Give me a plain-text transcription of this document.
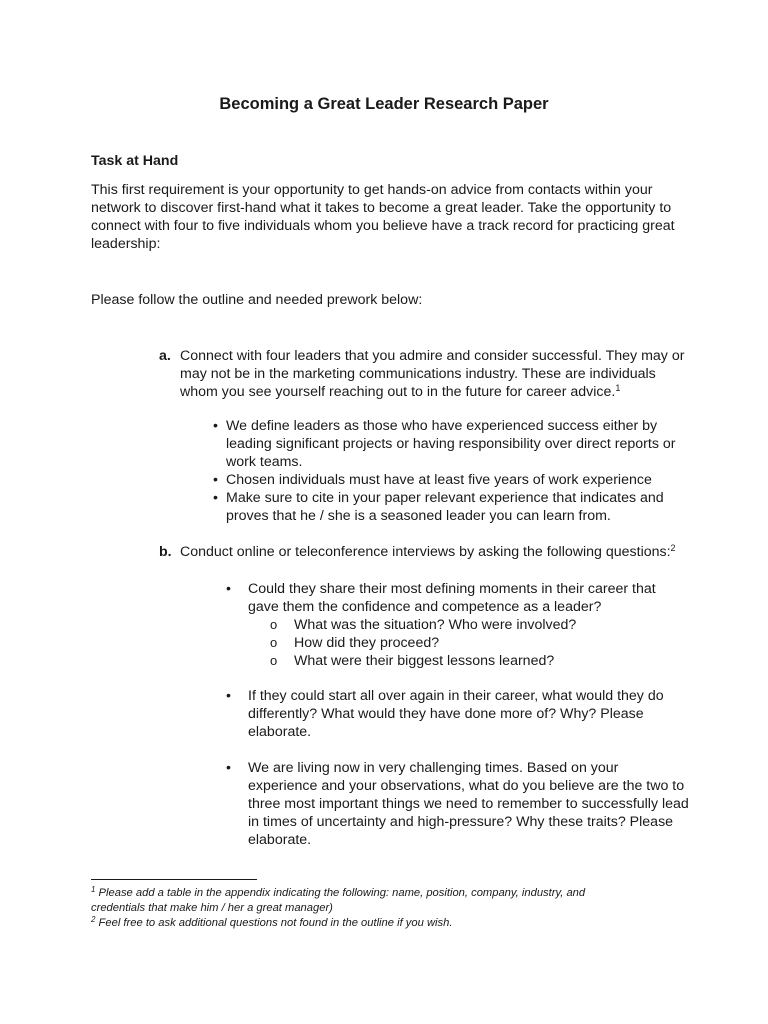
Becoming a Great Leader Research Paper
Task at Hand
This first requirement is your opportunity to get hands-on advice from contacts within your
network to discover first-hand what it takes to become a great leader. Take the opportunity to
connect with four to five individuals whom you believe have a track record for practicing great
leadership:
Please follow the outline and needed prework below:
a. Connect with four leaders that you admire and consider successful. They may or
may not be in the marketing communications industry. These are individuals
whom you see yourself reaching out to in the future for career advice.$^1$
• We define leaders as those who have experienced success either by
leading significant projects or having responsibility over direct reports or
work teams.
• Chosen individuals must have at least five years of work experience
• Make sure to cite in your paper relevant experience that indicates and
proves that he / she is a seasoned leader you can learn from.
b. Conduct online or teleconference interviews by asking the following questions:$^2$
• Could they share their most defining moments in their career that
gave them the confidence and competence as a leader?
o What was the situation? Who were involved?
o How did they proceed?
o What were their biggest lessons learned?
• If they could start all over again in their career, what would they do
differently? What would they have done more of? Why? Please
elaborate.
• We are living now in very challenging times. Based on your
experience and your observations, what do you believe are the two to
three most important things we need to remember to successfully lead
in times of uncertainty and high-pressure? Why these traits? Please
elaborate.
$^1$ Please add a table in the appendix indicating the following: name, position, company, industry, and
credentials that make him / her a great manager)
$^2$ Feel free to ask additional questions not found in the outline if you wish.
